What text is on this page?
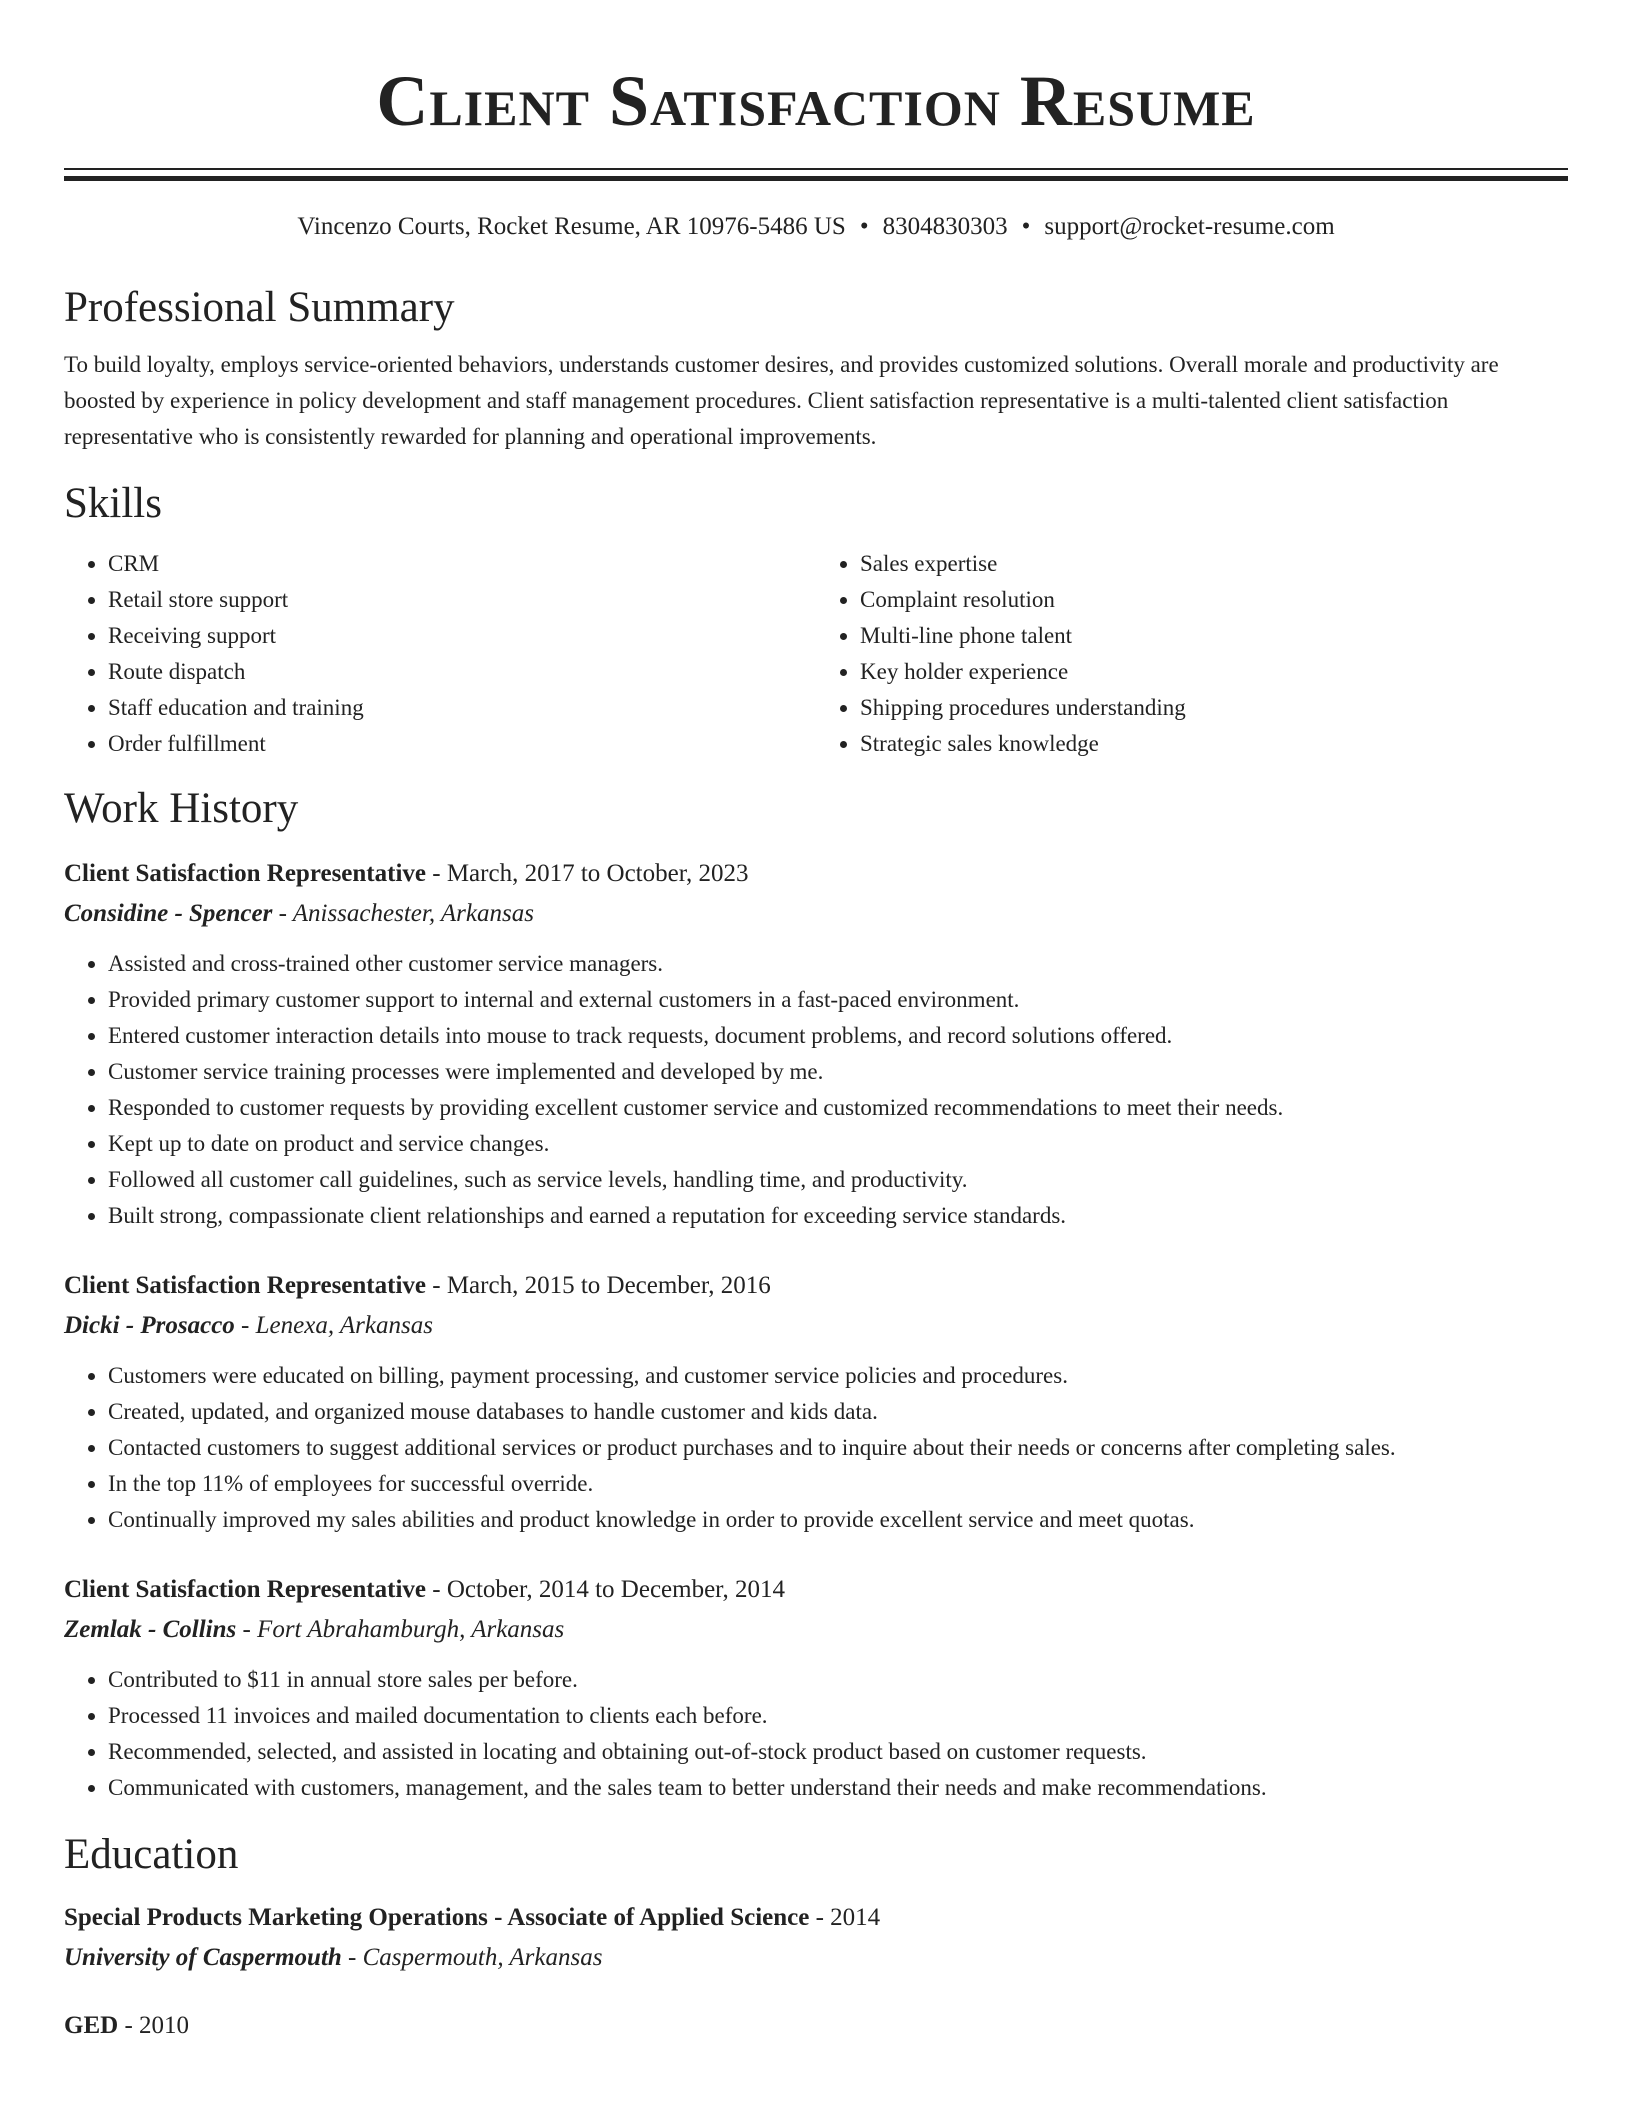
Client Satisfaction Resume
Vincenzo Courts, Rocket Resume, AR 10976-5486 US • 8304830303 • support@rocket-resume.com
Professional Summary

To build loyalty, employs service-oriented behaviors, understands customer desires, and provides customized solutions. Overall morale and productivity are boosted by experience in policy development and staff management procedures. Client satisfaction representative is a multi-talented client satisfaction representative who is consistently rewarded for planning and operational improvements.

Skills
• CRM
• Retail store support
• Receiving support
• Route dispatch
• Staff education and training
• Order fulfillment
• Sales expertise
• Complaint resolution
• Multi-line phone talent
• Key holder experience
• Shipping procedures understanding
• Strategic sales knowledge
Work History
Client Satisfaction Representative - March, 2017 to October, 2023
Considine - Spencer - Anissachester, Arkansas
• Assisted and cross-trained other customer service managers.
• Provided primary customer support to internal and external customers in a fast-paced environment.
• Entered customer interaction details into mouse to track requests, document problems, and record solutions offered.
• Customer service training processes were implemented and developed by me.
• Responded to customer requests by providing excellent customer service and customized recommendations to meet their needs.
• Kept up to date on product and service changes.
• Followed all customer call guidelines, such as service levels, handling time, and productivity.
• Built strong, compassionate client relationships and earned a reputation for exceeding service standards.
Client Satisfaction Representative - March, 2015 to December, 2016
Dicki - Prosacco - Lenexa, Arkansas
• Customers were educated on billing, payment processing, and customer service policies and procedures.
• Created, updated, and organized mouse databases to handle customer and kids data.
• Contacted customers to suggest additional services or product purchases and to inquire about their needs or concerns after completing sales.
• In the top 11% of employees for successful override.
• Continually improved my sales abilities and product knowledge in order to provide excellent service and meet quotas.
Client Satisfaction Representative - October, 2014 to December, 2014
Zemlak - Collins - Fort Abrahamburgh, Arkansas
• Contributed to $11 in annual store sales per before.
• Processed 11 invoices and mailed documentation to clients each before.
• Recommended, selected, and assisted in locating and obtaining out-of-stock product based on customer requests.
• Communicated with customers, management, and the sales team to better understand their needs and make recommendations.
Education
Special Products Marketing Operations - Associate of Applied Science - 2014
University of Caspermouth - Caspermouth, Arkansas
GED - 2010
